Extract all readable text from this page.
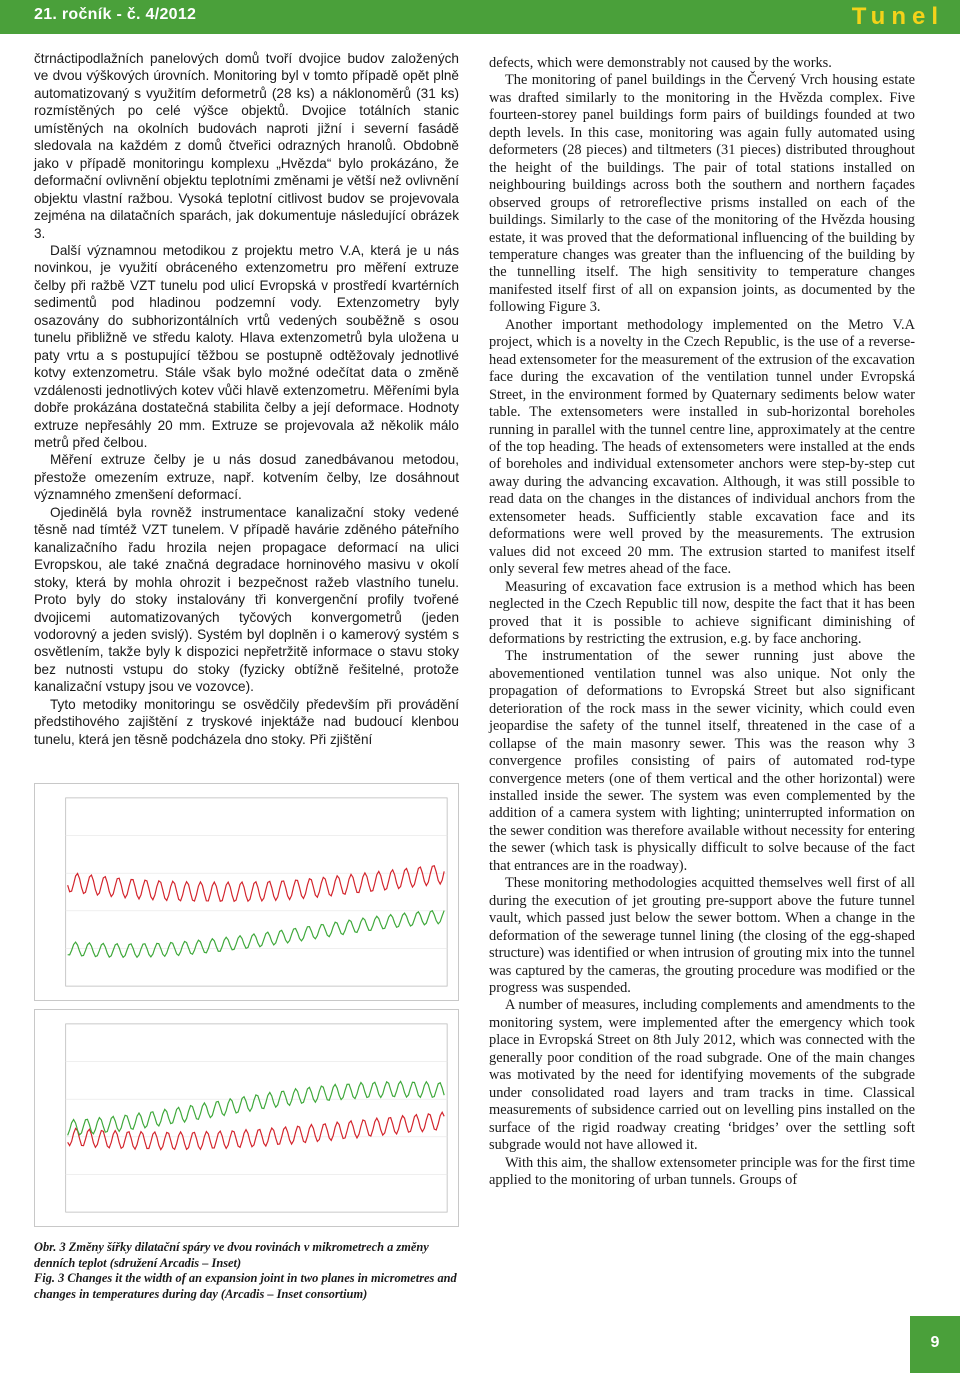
21. ročník - č. 4/2012	Tunel

čtrnáctipodlažních panelových domů tvoří dvojice budov založených ve dvou výškových úrovních. Monitoring byl v tomto případě opět plně automatizovaný s využitím deformetrů (28 ks) a náklonoměrů (31 ks) rozmístěných po celé výšce objektů. Dvojice totálních stanic umístěných na okolních budovách naproti jižní i severní fasádě sledovala na každém z domů čtveřici odrazných hranolů. Obdobně jako v případě monitoringu komplexu „Hvězda“ bylo prokázáno, že deformační ovlivnění objektu teplotními změnami je větší než ovlivnění objektu vlastní ražbou. Vysoká teplotní citlivost budov se projevovala zejména na dilatačních sparách, jak dokumentuje následující obrázek 3.

Další významnou metodikou z projektu metro V.A, která je u nás novinkou, je využití obráceného extenzometru pro měření extruze čelby při ražbě VZT tunelu pod ulicí Evropská v prostředí kvartérních sedimentů pod hladinou podzemní vody. Extenzometry byly osazovány do subhorizontálních vrtů vedených souběžně s osou tunelu přibližně ve středu kaloty. Hlava extenzometrů byla uložena u paty vrtu a s postupující těžbou se postupně odtěžovaly jednotlivé kotvy extenzometru. Stále však bylo možné odečítat data o změně vzdálenosti jednotlivých kotev vůči hlavě extenzometru. Měřeními byla dobře prokázána dostatečná stabilita čelby a její deformace. Hodnoty extruze nepřesáhly 20 mm. Extruze se projevovala až několik málo metrů před čelbou.

Měření extruze čelby je u nás dosud zanedbávanou metodou, přestože omezením extruze, např. kotvením čelby, lze dosáhnout významného zmenšení deformací.

Ojedinělá byla rovněž instrumentace kanalizační stoky vedené těsně nad tímtéž VZT tunelem. V případě havárie zděného páteřního kanalizačního řadu hrozila nejen propagace deformací na ulici Evropskou, ale také značná degradace horninového masivu v okolí stoky, která by mohla ohrozit i bezpečnost ražeb vlastního tunelu. Proto byly do stoky instalovány tři konvergenční profily tvořené dvojicemi automatizovaných tyčových konvergometrů (jeden vodorovný a jeden svislý). Systém byl doplněn i o kamerový systém s osvětlením, takže byly k dispozici nepřetržitě informace o stavu stoky bez nutnosti vstupu do stoky (fyzicky obtížně řešitelné, protože kanalizační vstupy jsou ve vozovce).

Tyto metodiky monitoringu se osvědčily především při provádění předstihového zajištění z tryskové injektáže nad budoucí klenbou tunelu, která jen těsně podcházela dno stoky. Při zjištění

Obr. 3 Změny šířky dilatační spáry ve dvou rovinách v mikrometrech a změny denních teplot (sdružení Arcadis – Inset)

Fig. 3 Changes it the width of an expansion joint in two planes in micrometres and changes in temperatures during day (Arcadis – Inset consortium)

defects, which were demonstrably not caused by the works.

The monitoring of panel buildings in the Červený Vrch housing estate was drafted similarly to the monitoring in the Hvězda complex. Five fourteen-storey panel buildings form pairs of buildings founded at two depth levels. In this case, monitoring was again fully automated using deformeters (28 pieces) and tiltmeters (31 pieces) distributed throughout the height of the buildings. The pair of total stations installed on neighbouring buildings across both the southern and northern façades observed groups of retroreflective prisms installed on each of the buildings. Similarly to the case of the monitoring of the Hvězda housing estate, it was proved that the deformational influencing of the building by temperature changes was greater than the influencing of the building by the tunnelling itself. The high sensitivity to temperature changes manifested itself first of all on expansion joints, as documented by the following Figure 3.

Another important methodology implemented on the Metro V.A project, which is a novelty in the Czech Republic, is the use of a reverse-head extensometer for the measurement of the extrusion of the excavation face during the excavation of the ventilation tunnel under Evropská Street, in the environment formed by Quaternary sediments below water table. The extensometers were installed in sub-horizontal boreholes running in parallel with the tunnel centre line, approximately at the centre of the top heading. The heads of extensometers were installed at the ends of boreholes and individual extensometer anchors were step-by-step cut away during the advancing excavation. Although, it was still possible to read data on the changes in the distances of individual anchors from the extensometer heads. Sufficiently stable excavation face and its deformations were well proved by the measurements. The extrusion values did not exceed 20 mm. The extrusion started to manifest itself only several few metres ahead of the face.

Measuring of excavation face extrusion is a method which has been neglected in the Czech Republic till now, despite the fact that it has been proved that it is possible to achieve significant diminishing of deformations by restricting the extrusion, e.g. by face anchoring.

The instrumentation of the sewer running just above the abovementioned ventilation tunnel was also unique. Not only the propagation of deformations to Evropská Street but also significant deterioration of the rock mass in the sewer vicinity, which could even jeopardise the safety of the tunnel itself, threatened in the case of a collapse of the main masonry sewer. This was the reason why 3 convergence profiles consisting of pairs of automated rod-type convergence meters (one of them vertical and the other horizontal) were installed inside the sewer. The system was even complemented by the addition of a camera system with lighting; uninterrupted information on the sewer condition was therefore available without necessity for entering the sewer (which task is physically difficult to solve because of the fact that entrances are in the roadway).

These monitoring methodologies acquitted themselves well first of all during the execution of jet grouting pre-support above the future tunnel vault, which passed just below the sewer bottom. When a change in the deformation of the sewerage tunnel lining (the closing of the egg-shaped structure) was identified or when intrusion of grouting mix into the tunnel was captured by the cameras, the grouting procedure was modified or the progress was suspended.

A number of measures, including complements and amendments to the monitoring system, were implemented after the emergency which took place in Evropská Street on 8th July 2012, which was connected with the generally poor condition of the road subgrade. One of the main changes was motivated by the need for identifying movements of the subgrade under consolidated road layers and tram tracks in time. Classical measurements of subsidence carried out on levelling pins installed on the surface of the rigid roadway creating ‘bridges’ over the settling soft subgrade would not have allowed it.

With this aim, the shallow extensometer principle was for the first time applied to the monitoring of urban tunnels. Groups of

9
